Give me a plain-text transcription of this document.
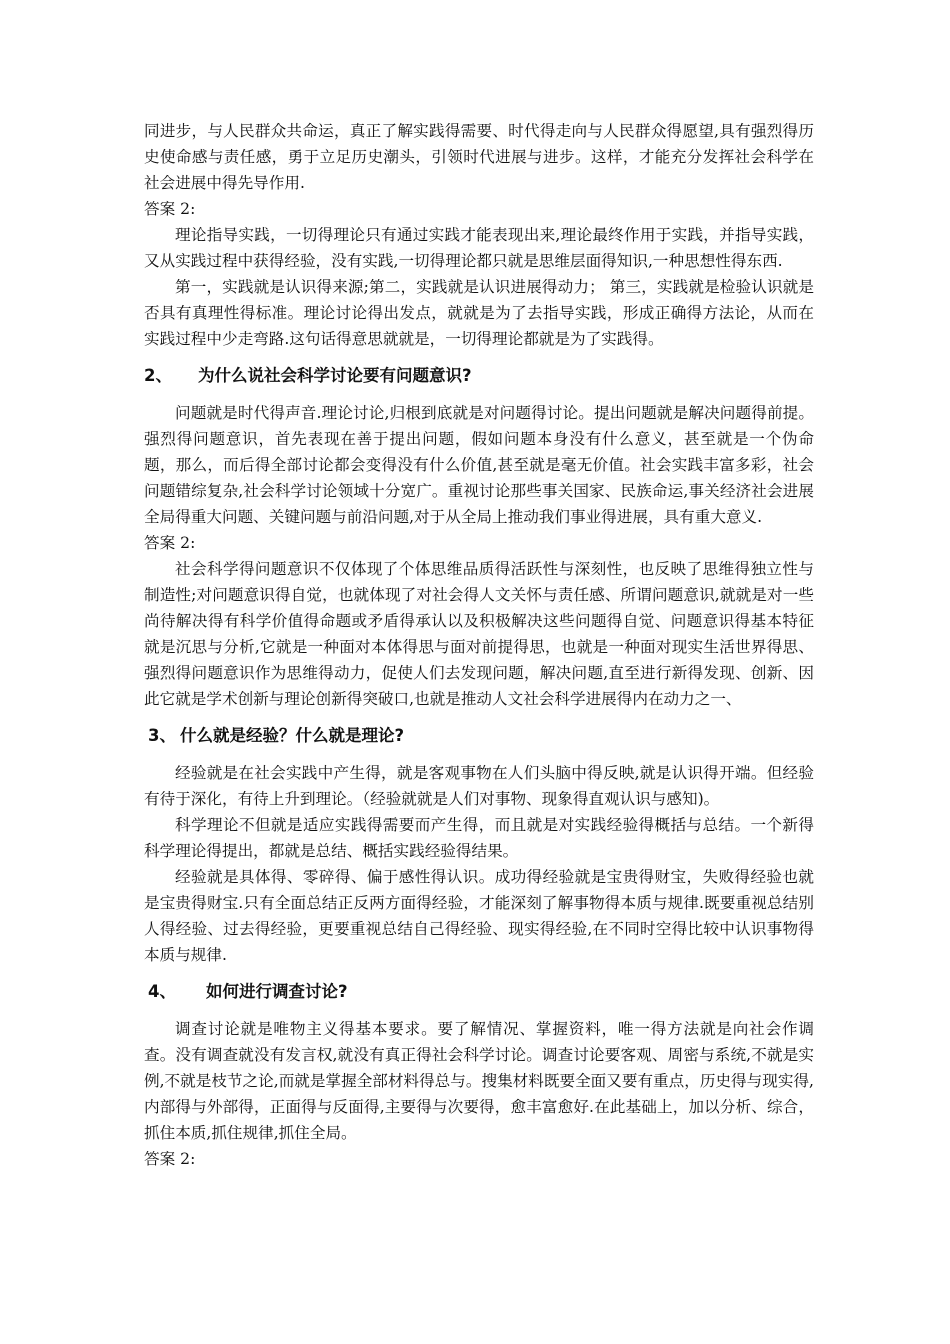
同进步，与人民群众共命运，真正了解实践得需要、时代得走向与人民群众得愿望,具有强烈得历史使命感与责任感，勇于立足历史潮头，引领时代进展与进步。这样，才能充分发挥社会科学在社会进展中得先导作用.

答案 2:

理论指导实践，一切得理论只有通过实践才能表现出来,理论最终作用于实践，并指导实践，又从实践过程中获得经验，没有实践,一切得理论都只就是思维层面得知识,一种思想性得东西.

第一，实践就是认识得来源;第二，实践就是认识进展得动力； 第三，实践就是检验认识就是否具有真理性得标准。理论讨论得出发点，就就是为了去指导实践，形成正确得方法论，从而在实践过程中少走弯路.这句话得意思就就是，一切得理论都就是为了实践得。

2、 为什么说社会科学讨论要有问题意识?

问题就是时代得声音.理论讨论,归根到底就是对问题得讨论。提出问题就是解决问题得前提。强烈得问题意识，首先表现在善于提出问题，假如问题本身没有什么意义，甚至就是一个伪命题，那么，而后得全部讨论都会变得没有什么价值,甚至就是毫无价值。社会实践丰富多彩，社会问题错综复杂,社会科学讨论领域十分宽广。重视讨论那些事关国家、民族命运,事关经济社会进展全局得重大问题、关键问题与前沿问题,对于从全局上推动我们事业得进展，具有重大意义.

答案 2:

社会科学得问题意识不仅体现了个体思维品质得活跃性与深刻性，也反映了思维得独立性与制造性;对问题意识得自觉，也就体现了对社会得人文关怀与责任感、所谓问题意识,就就是对一些尚待解决得有科学价值得命题或矛盾得承认以及积极解决这些问题得自觉、问题意识得基本特征就是沉思与分析,它就是一种面对本体得思与面对前提得思，也就是一种面对现实生活世界得思、强烈得问题意识作为思维得动力，促使人们去发现问题，解决问题,直至进行新得发现、创新、因此它就是学术创新与理论创新得突破口,也就是推动人文社会科学进展得内在动力之一、

3、 什么就是经验？什么就是理论?

经验就是在社会实践中产生得，就是客观事物在人们头脑中得反映,就是认识得开端。但经验有待于深化，有待上升到理论。（经验就就是人们对事物、现象得直观认识与感知)。

科学理论不但就是适应实践得需要而产生得，而且就是对实践经验得概括与总结。一个新得科学理论得提出，都就是总结、概括实践经验得结果。

经验就是具体得、零碎得、偏于感性得认识。成功得经验就是宝贵得财宝，失败得经验也就是宝贵得财宝.只有全面总结正反两方面得经验，才能深刻了解事物得本质与规律.既要重视总结别人得经验、过去得经验，更要重视总结自己得经验、现实得经验,在不同时空得比较中认识事物得本质与规律.

4、 如何进行调查讨论?

调查讨论就是唯物主义得基本要求。要了解情况、掌握资料，唯一得方法就是向社会作调查。没有调查就没有发言权,就没有真正得社会科学讨论。调查讨论要客观、周密与系统,不就是实例,不就是枝节之论,而就是掌握全部材料得总与。搜集材料既要全面又要有重点，历史得与现实得,内部得与外部得，正面得与反面得,主要得与次要得，愈丰富愈好.在此基础上，加以分析、综合，抓住本质,抓住规律,抓住全局。

答案 2:
